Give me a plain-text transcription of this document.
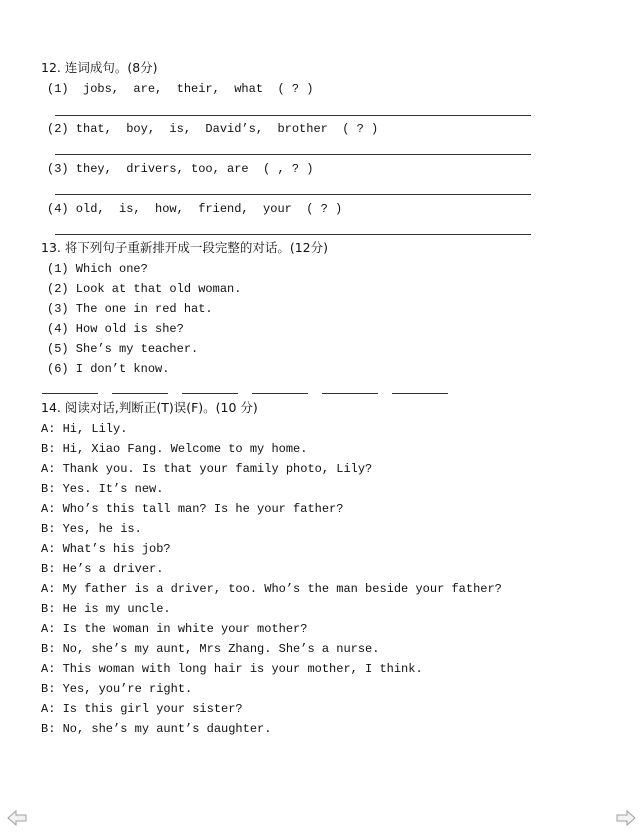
12. 连词成句。(8分)
(1)  jobs,  are,  their,  what  ( ? )
(2) that,  boy,  is,  David’s,  brother  ( ? )
(3) they,  drivers, too, are  ( , ? )
(4) old,  is,  how,  friend,  your  ( ? )
13. 将下列句子重新排开成一段完整的对话。(12分)
(1) Which one?
(2) Look at that old woman.
(3) The one in red hat.
(4) How old is she?
(5) She’s my teacher.
(6) I don’t know.
14. 阅读对话,判断正(T)误(F)。(10 分)
A: Hi, Lily.
B: Hi, Xiao Fang. Welcome to my home.
A: Thank you. Is that your family photo, Lily?
B: Yes. It’s new.
A: Who’s this tall man? Is he your father?
B: Yes, he is.
A: What’s his job?
B: He’s a driver.
A: My father is a driver, too. Who’s the man beside your father?
B: He is my uncle.
A: Is the woman in white your mother?
B: No, she’s my aunt, Mrs Zhang. She’s a nurse.
A: This woman with long hair is your mother, I think.
B: Yes, you’re right.
A: Is this girl your sister?
B: No, she’s my aunt’s daughter.
